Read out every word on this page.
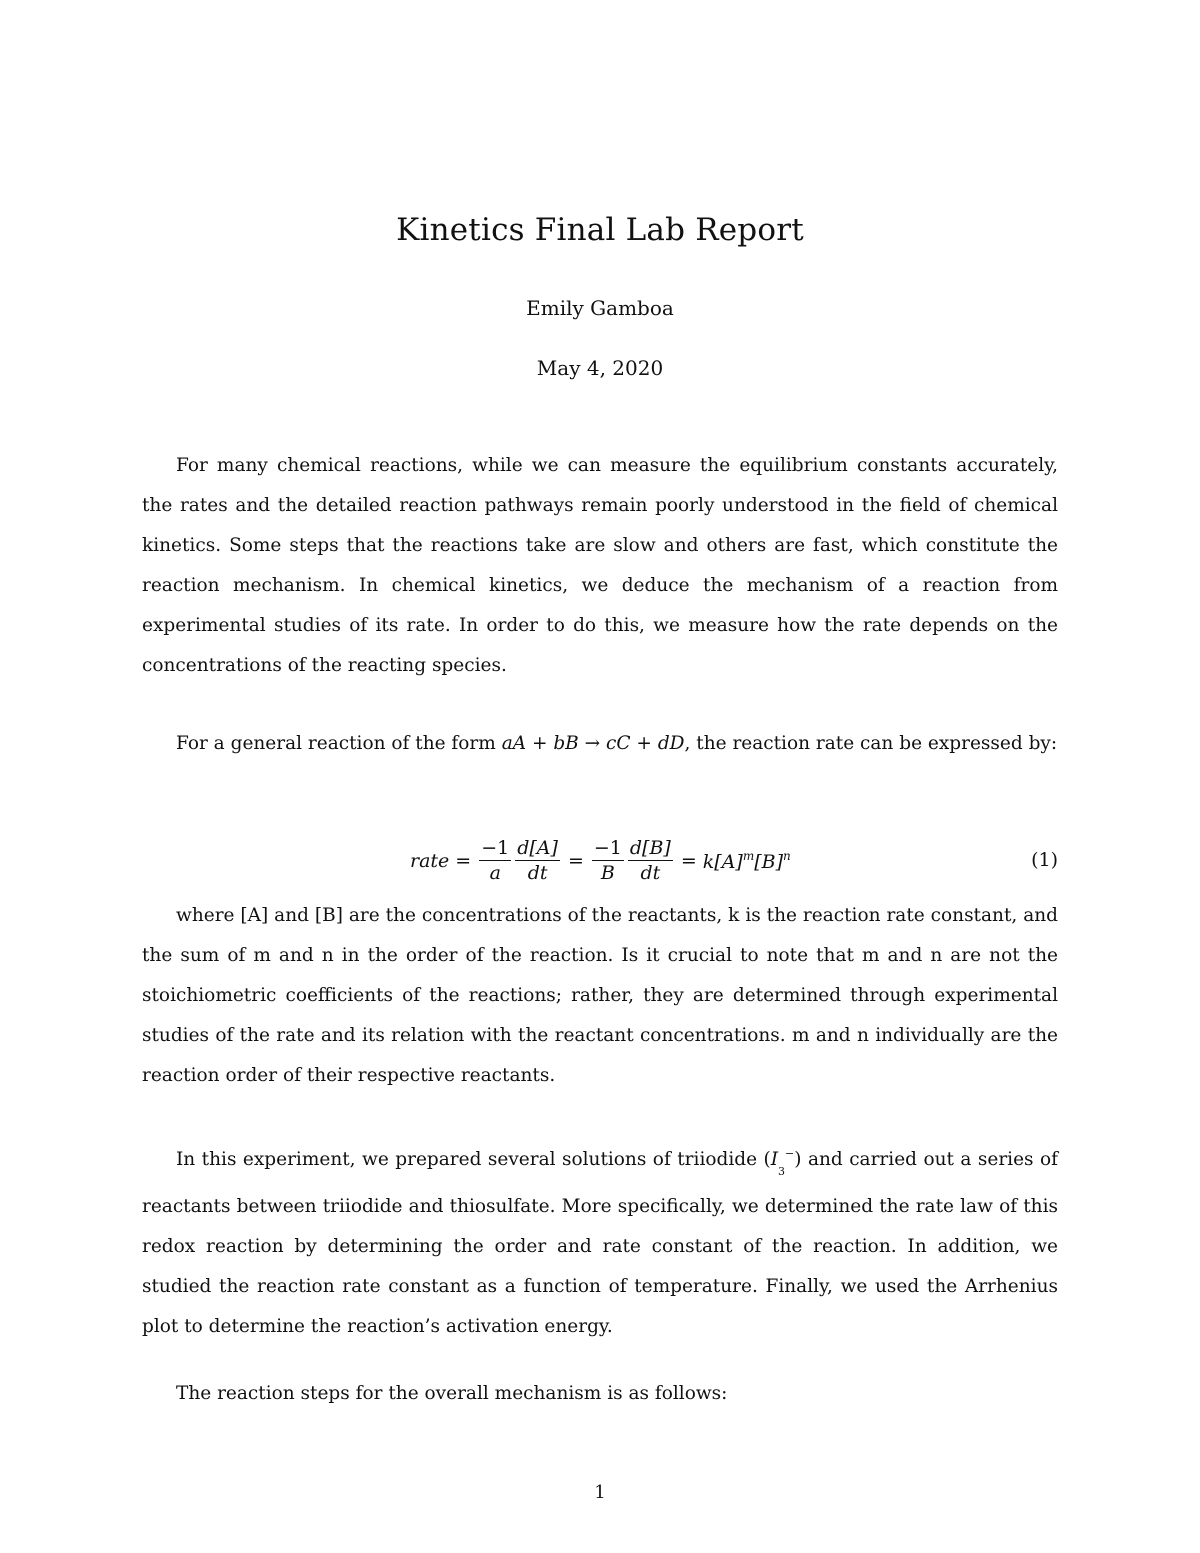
Kinetics Final Lab Report
Emily Gamboa
May 4, 2020
For many chemical reactions, while we can measure the equilibrium constants accurately, the rates and the detailed reaction pathways remain poorly understood in the field of chemical kinetics. Some steps that the reactions take are slow and others are fast, which constitute the reaction mechanism. In chemical kinetics, we deduce the mechanism of a reaction from experimental studies of its rate. In order to do this, we measure how the rate depends on the concentrations of the reacting species.
For a general reaction of the form aA + bB → cC + dD, the reaction rate can be expressed by:
rate = $\frac{-1}{a} \frac{d[A]}{dt} = \frac{-1}{B} \frac{d[B]}{dt} = k[A]^m[B]^n$	(1)
where [A] and [B] are the concentrations of the reactants, k is the reaction rate constant, and the sum of m and n in the order of the reaction. Is it crucial to note that m and n are not the stoichiometric coefficients of the reactions; rather, they are determined through experimental studies of the rate and its relation with the reactant concentrations. m and n individually are the reaction order of their respective reactants.
In this experiment, we prepared several solutions of triiodide $(I_3^-)$ and carried out a series of reactants between triiodide and thiosulfate. More specifically, we determined the rate law of this redox reaction by determining the order and rate constant of the reaction. In addition, we studied the reaction rate constant as a function of temperature. Finally, we used the Arrhenius plot to determine the reaction’s activation energy.
The reaction steps for the overall mechanism is as follows:
1
